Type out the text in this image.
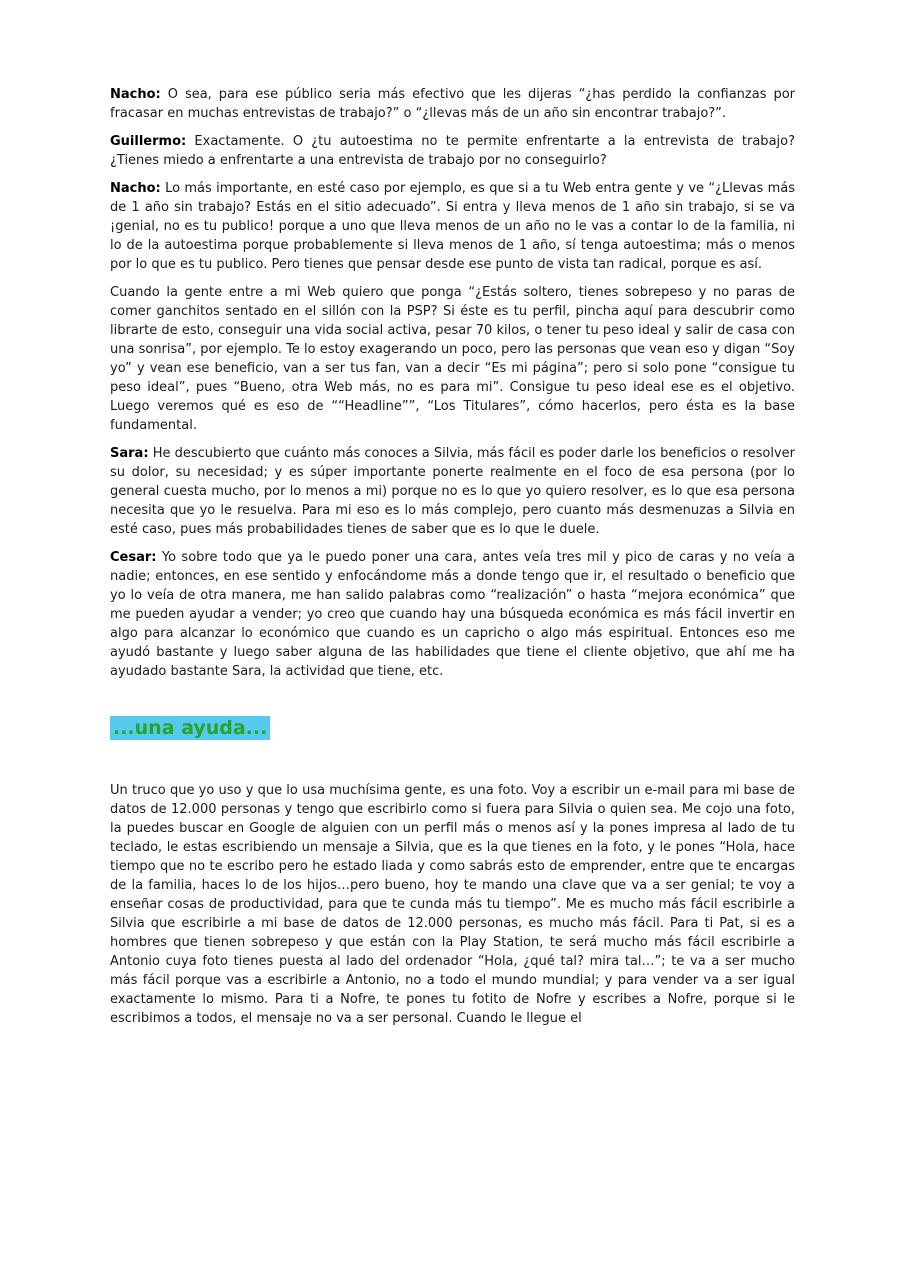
Nacho: O sea, para ese público seria más efectivo que les dijeras “¿has perdido la confianzas por fracasar en muchas entrevistas de trabajo?” o “¿llevas más de un año sin encontrar trabajo?”.

Guillermo: Exactamente. O ¿tu autoestima no te permite enfrentarte a la entrevista de trabajo? ¿Tienes miedo a enfrentarte a una entrevista de trabajo por no conseguirlo?

Nacho: Lo más importante, en esté caso por ejemplo, es que si a tu Web entra gente y ve “¿Llevas más de 1 año sin trabajo? Estás en el sitio adecuado”. Si entra y lleva menos de 1 año sin trabajo, si se va ¡genial, no es tu publico! porque a uno que lleva menos de un año no le vas a contar lo de la familia, ni lo de la autoestima porque probablemente si lleva menos de 1 año, sí tenga autoestima; más o menos por lo que es tu publico. Pero tienes que pensar desde ese punto de vista tan radical, porque es así.

Cuando la gente entre a mi Web quiero que ponga “¿Estás soltero, tienes sobrepeso y no paras de comer ganchitos sentado en el sillón con la PSP? Si éste es tu perfil, pincha aquí para descubrir como librarte de esto, conseguir una vida social activa, pesar 70 kilos, o tener tu peso ideal y salir de casa con una sonrisa”, por ejemplo. Te lo estoy exagerando un poco, pero las personas que vean eso y digan “Soy yo” y vean ese beneficio, van a ser tus fan, van a decir “Es mi página”; pero si solo pone “consigue tu peso ideal”, pues “Bueno, otra Web más, no es para mi”. Consigue tu peso ideal ese es el objetivo. Luego veremos qué es eso de ““Headline””, “Los Titulares”, cómo hacerlos, pero ésta es la base fundamental.

Sara: He descubierto que cuánto más conoces a Silvia, más fácil es poder darle los beneficios o resolver su dolor, su necesidad; y es súper importante ponerte realmente en el foco de esa persona (por lo general cuesta mucho, por lo menos a mi) porque no es lo que yo quiero resolver, es lo que esa persona necesita que yo le resuelva. Para mi eso es lo más complejo, pero cuanto más desmenuzas a Silvia en esté caso, pues más probabilidades tienes de saber que es lo que le duele.

Cesar: Yo sobre todo que ya le puedo poner una cara, antes veía tres mil y pico de caras y no veía a nadie; entonces, en ese sentido y enfocándome más a donde tengo que ir, el resultado o beneficio que yo lo veía de otra manera, me han salido palabras como “realización” o hasta “mejora económica” que me pueden ayudar a vender; yo creo que cuando hay una búsqueda económica es más fácil invertir en algo para alcanzar lo económico que cuando es un capricho o algo más espiritual. Entonces eso me ayudó bastante y luego saber alguna de las habilidades que tiene el cliente objetivo, que ahí me ha ayudado bastante Sara, la actividad que tiene, etc.

...una ayuda...

Un truco que yo uso y que lo usa muchísima gente, es una foto. Voy a escribir un e-mail para mi base de datos de 12.000 personas y tengo que escribirlo como si fuera para Silvia o quien sea. Me cojo una foto, la puedes buscar en Google de alguien con un perfil más o menos así y la pones impresa al lado de tu teclado, le estas escribiendo un mensaje a Silvia, que es la que tienes en la foto, y le pones “Hola, hace tiempo que no te escribo pero he estado liada y como sabrás esto de emprender, entre que te encargas de la familia, haces lo de los hijos…pero bueno, hoy te mando una clave que va a ser genial; te voy a enseñar cosas de productividad, para que te cunda más tu tiempo”. Me es mucho más fácil escribirle a Silvia que escribirle a mi base de datos de 12.000 personas, es mucho más fácil. Para ti Pat, si es a hombres que tienen sobrepeso y que están con la Play Station, te será mucho más fácil escribirle a Antonio cuya foto tienes puesta al lado del ordenador “Hola, ¿qué tal? mira tal…”; te va a ser mucho más fácil porque vas a escribirle a Antonio, no a todo el mundo mundial; y para vender va a ser igual exactamente lo mismo. Para ti a Nofre, te pones tu fotito de Nofre y escribes a Nofre, porque si le escribimos a todos, el mensaje no va a ser personal. Cuando le llegue el
